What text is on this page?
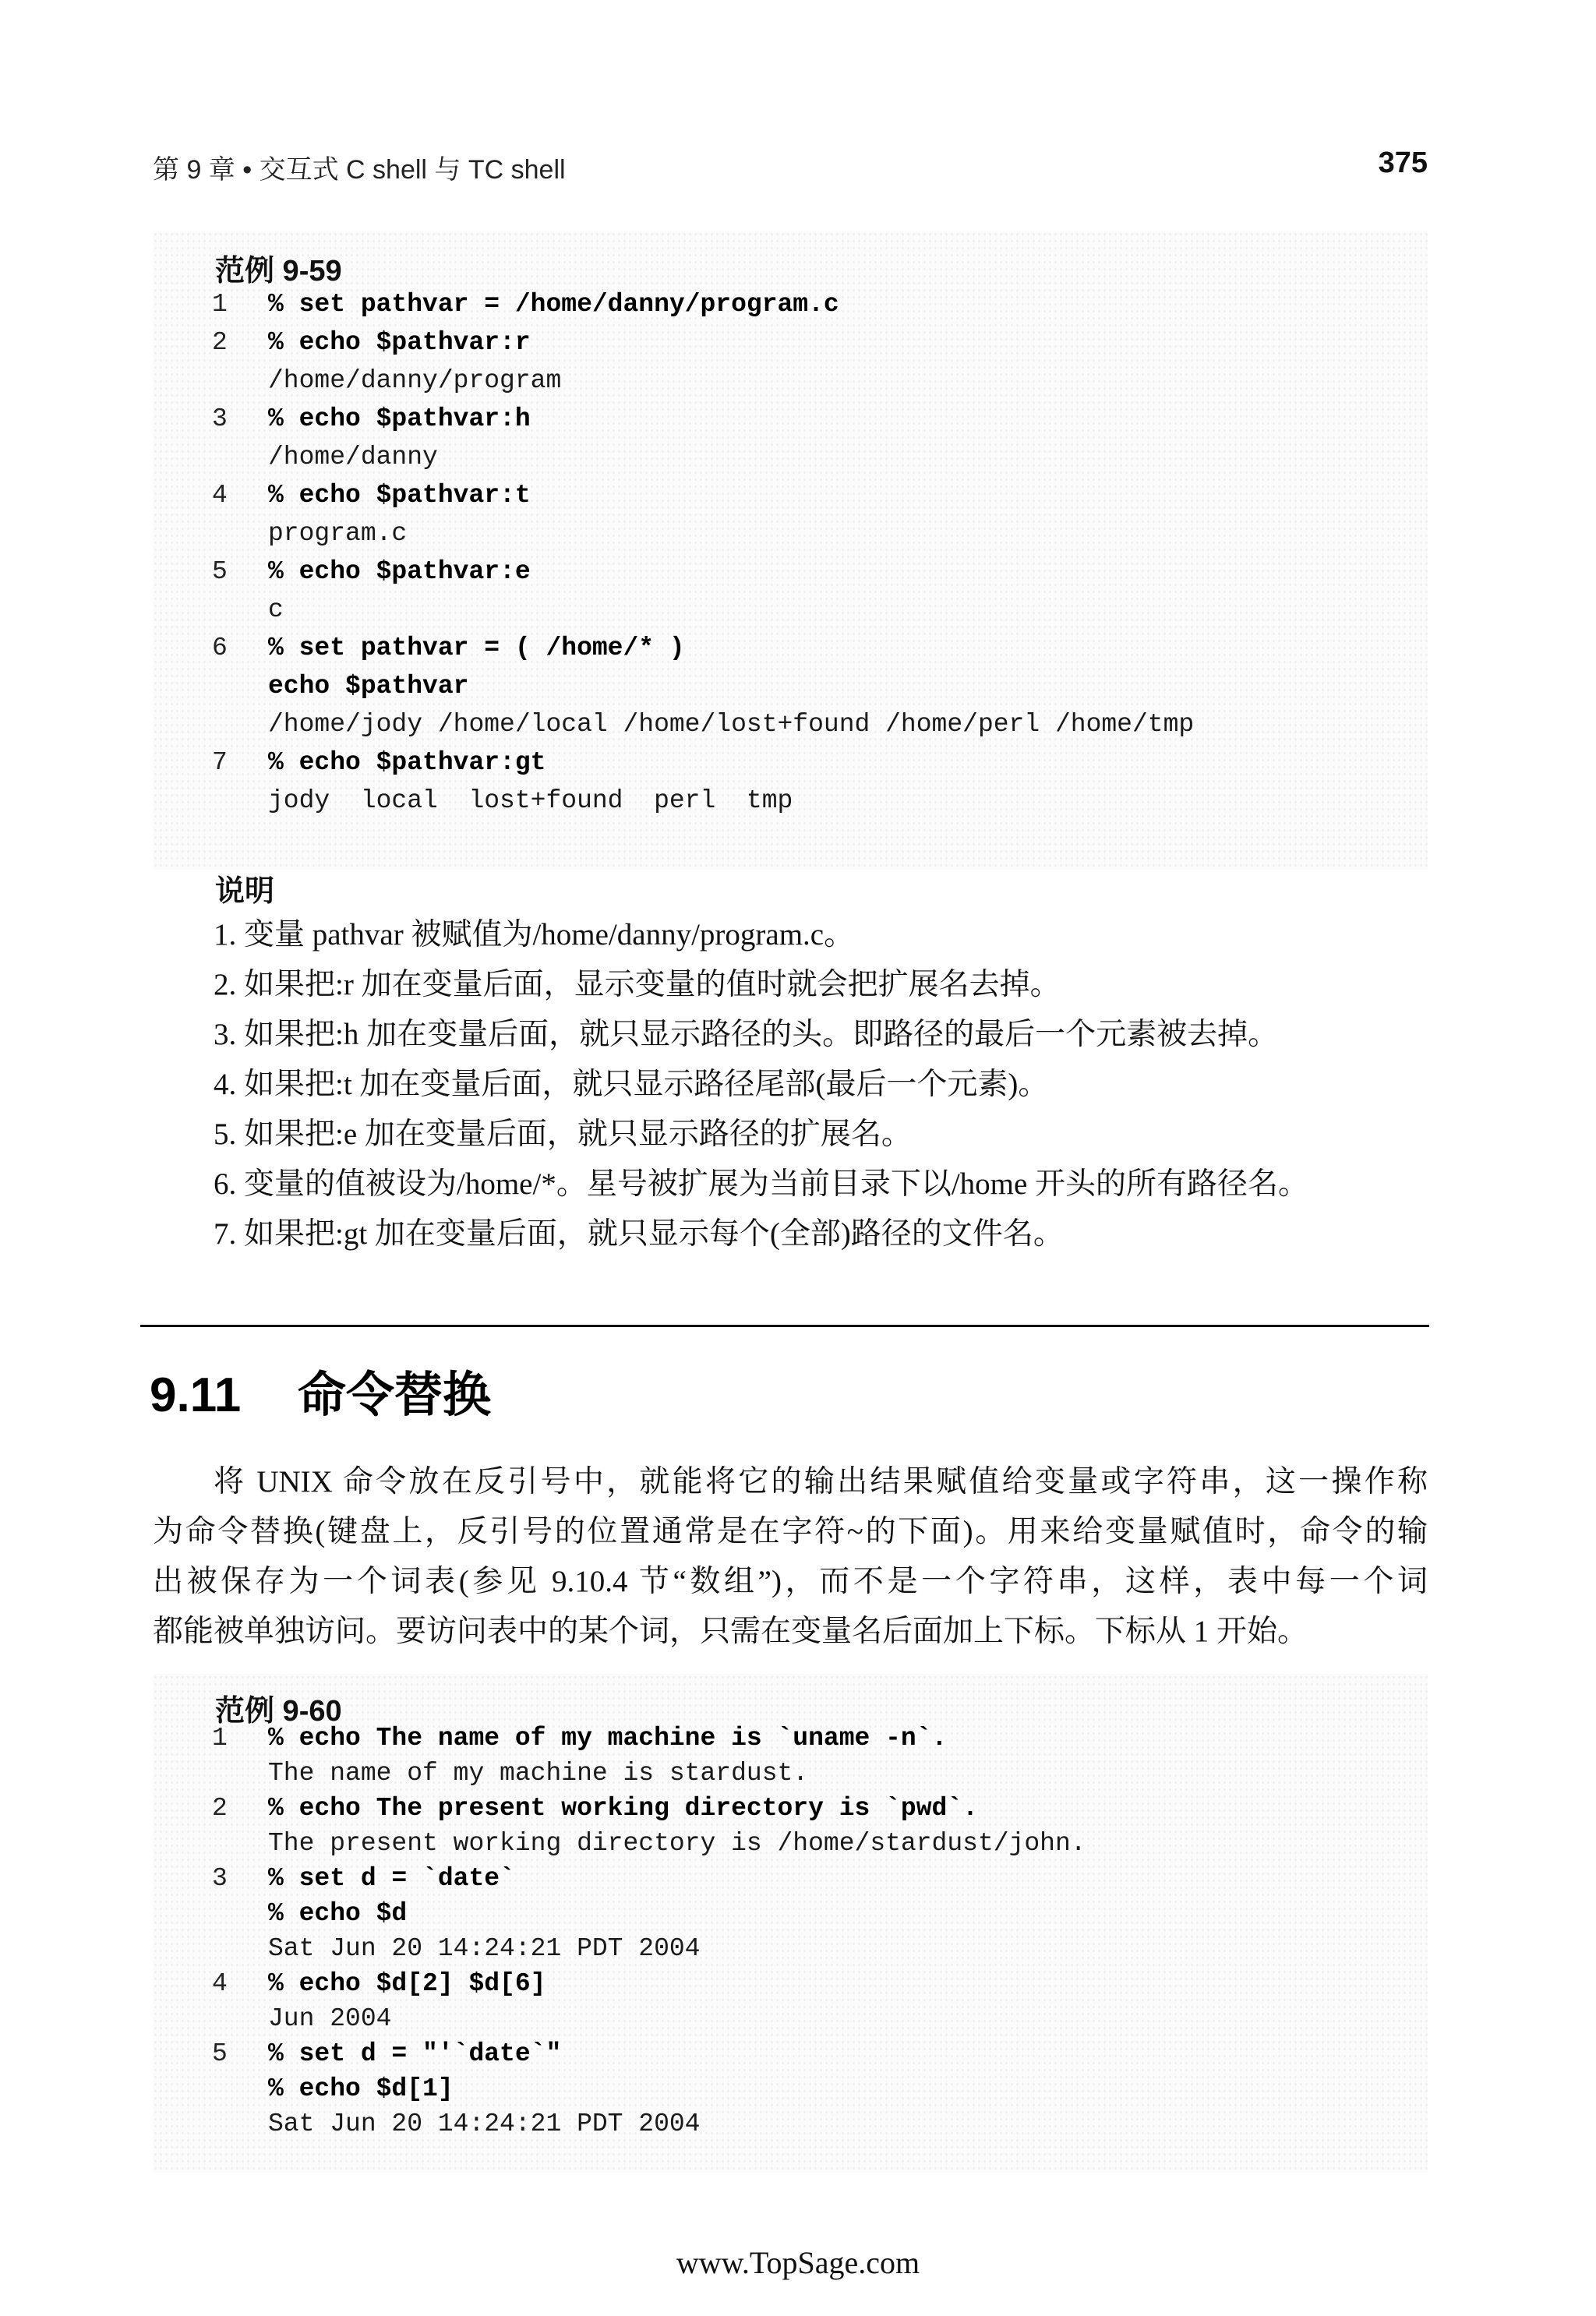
第 9 章 • 交互式 C shell 与 TC shell	375
范例 9-59
1	% set pathvar = /home/danny/program.c
2	% echo $pathvar:r
/home/danny/program
3	% echo $pathvar:h
/home/danny
4	% echo $pathvar:t
program.c
5	% echo $pathvar:e
c
6	% set pathvar = ( /home/* )
echo $pathvar
/home/jody /home/local /home/lost+found /home/perl /home/tmp
7	% echo $pathvar:gt
jody  local  lost+found  perl  tmp
说明
1. 变量 pathvar 被赋值为/home/danny/program.c。
2. 如果把:r 加在变量后面，显示变量的值时就会把扩展名去掉。
3. 如果把:h 加在变量后面，就只显示路径的头。即路径的最后一个元素被去掉。
4. 如果把:t 加在变量后面，就只显示路径尾部(最后一个元素)。
5. 如果把:e 加在变量后面，就只显示路径的扩展名。
6. 变量的值被设为/home/*。星号被扩展为当前目录下以/home 开头的所有路径名。
7. 如果把:gt 加在变量后面，就只显示每个(全部)路径的文件名。
9.11 命令替换
将 UNIX 命令放在反引号中，就能将它的输出结果赋值给变量或字符串，这一操作称
为命令替换(键盘上，反引号的位置通常是在字符~的下面)。用来给变量赋值时，命令的输
出被保存为一个词表(参见 9.10.4 节“数组”)，而不是一个字符串，这样，表中每一个词
都能被单独访问。要访问表中的某个词，只需在变量名后面加上下标。下标从 1 开始。
范例 9-60
1	% echo The name of my machine is `uname -n`.
The name of my machine is stardust.
2	% echo The present working directory is `pwd`.
The present working directory is /home/stardust/john.
3	% set d = `date`
% echo $d
Sat Jun 20 14:24:21 PDT 2004
4	% echo $d[2] $d[6]
Jun 2004
5	% set d = "'`date`"
% echo $d[1]
Sat Jun 20 14:24:21 PDT 2004
www.TopSage.com
